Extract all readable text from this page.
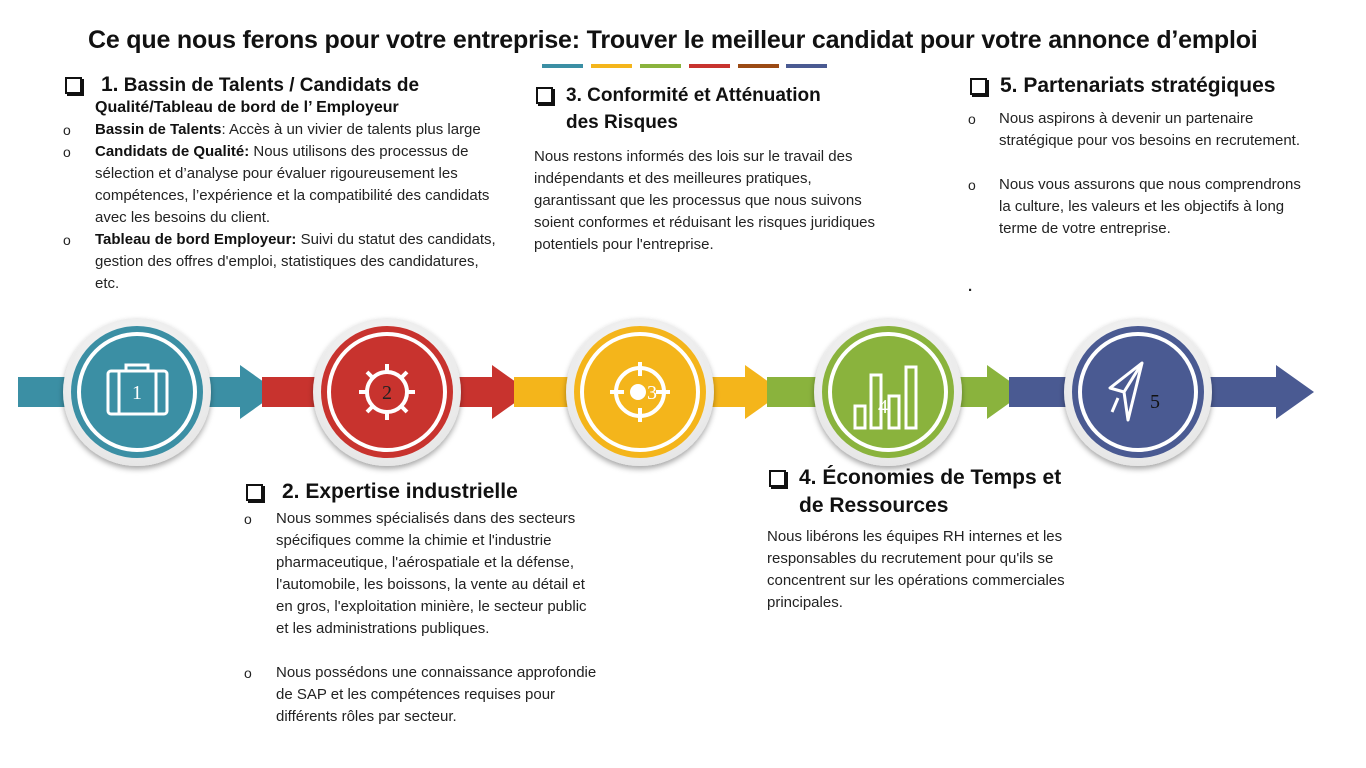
Ce que nous ferons pour votre entreprise: Trouver le meilleur candidat pour votre annonce d’emploi
1. Bassin de Talents / Candidats de
Qualité/Tableau de bord de l’ Employeur
o Bassin de Talents: Accès à un vivier de talents plus large
o Candidats de Qualité: Nous utilisons des processus de sélection et d’analyse pour évaluer rigoureusement les compétences, l’expérience et la compatibilité des candidats avec les besoins du client.
o Tableau de bord Employeur: Suivi du statut des candidats, gestion des offres d'emploi, statistiques des candidatures, etc.
3. Conformité et Atténuation
des Risques
Nous restons informés des lois sur le travail des indépendants et des meilleures pratiques, garantissant que les processus que nous suivons soient conformes et réduisant les risques juridiques potentiels pour l'entreprise.
5. Partenariats stratégiques
o Nous aspirons à devenir un partenaire stratégique pour vos besoins en recrutement.
o Nous vous assurons que nous comprendrons la culture, les valeurs et les objectifs à long terme de votre entreprise.
.
2. Expertise industrielle
o Nous sommes spécialisés dans des secteurs spécifiques comme la chimie et l'industrie pharmaceutique, l'aérospatiale et la défense, l'automobile, les boissons, la vente au détail et en gros, l'exploitation minière, le secteur public et les administrations publiques.
o Nous possédons une connaissance approfondie de SAP et les compétences requises pour différents rôles par secteur.
4. Économies de Temps et
de Ressources
Nous libérons les équipes RH internes et les responsables du recrutement pour qu'ils se concentrent sur les opérations commerciales principales.
1	2	3
4	5
